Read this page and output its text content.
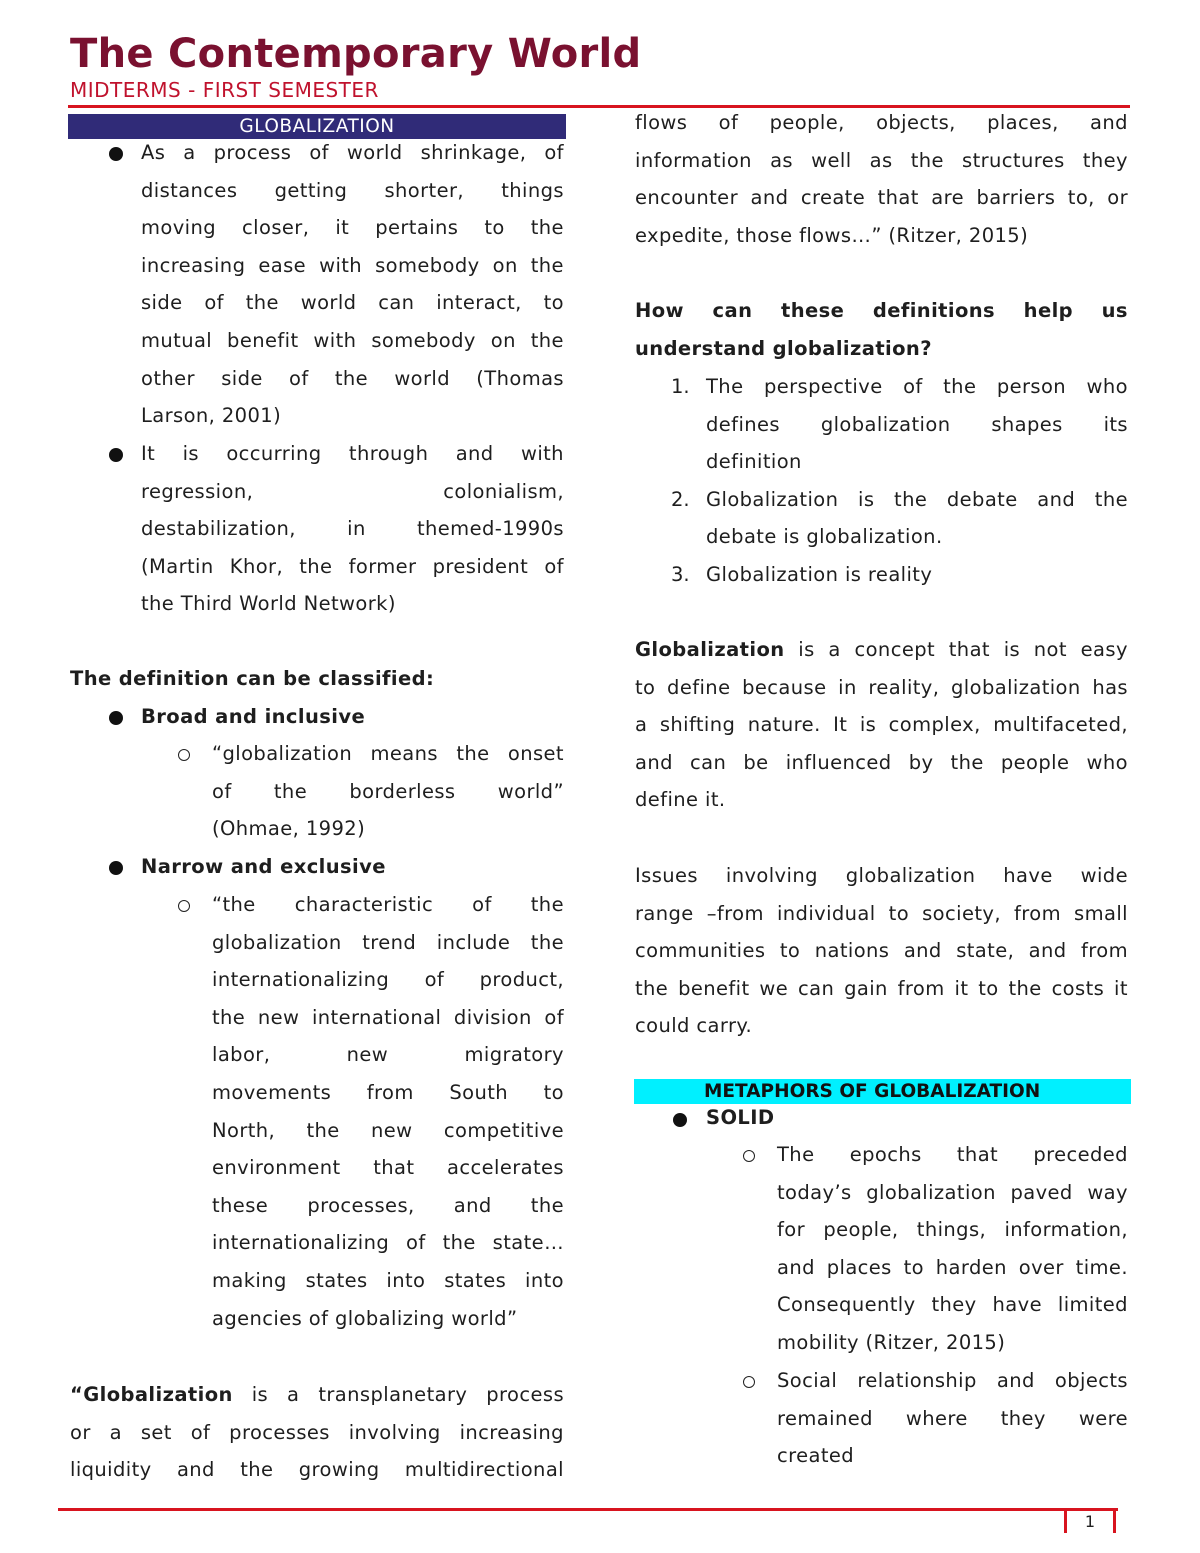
The Contemporary World
MIDTERMS - FIRST SEMESTER
GLOBALIZATION
As a process of world shrinkage, of
distances getting shorter, things
moving closer, it pertains to the
increasing ease with somebody on the
side of the world can interact, to
mutual benefit with somebody on the
other side of the world (Thomas
Larson, 2001)
It is occurring through and with
regression,	colonialism,
destabilization,	in	themed-1990s
(Martin Khor, the former president of
the Third World Network)
The definition can be classified:
Broad and inclusive
“globalization means the onset
of the borderless world”
(Ohmae, 1992)
Narrow and exclusive
“the characteristic of the
globalization trend include the
internationalizing of product,
the new international division of
labor,	new	migratory
movements from South to
North, the new competitive
environment that accelerates
these processes, and the
internationalizing of the state…
making states into states into
agencies of globalizing world”
“Globalization is a transplanetary process
or a set of processes involving increasing
liquidity and the growing multidirectional
flows of people, objects, places, and
information as well as the structures they
encounter and create that are barriers to, or
expedite, those flows…” (Ritzer, 2015)
How can these definitions help us
understand globalization?
1. The perspective of the person who
defines globalization shapes its
definition
2. Globalization is the debate and the
debate is globalization.
3. Globalization is reality
Globalization is a concept that is not easy
to define because in reality, globalization has
a shifting nature. It is complex, multifaceted,
and can be influenced by the people who
define it.
Issues involving globalization have wide
range –from individual to society, from small
communities to nations and state, and from
the benefit we can gain from it to the costs it
could carry.
METAPHORS OF GLOBALIZATION
SOLID
The epochs that preceded
today’s globalization paved way
for people, things, information,
and places to harden over time.
Consequently they have limited
mobility (Ritzer, 2015)
Social relationship and objects
remained where they were
created
1
